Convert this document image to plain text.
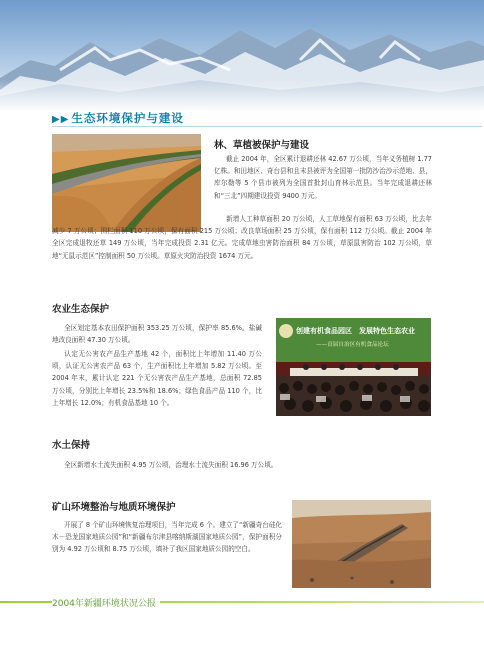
▶▶ 生态环境保护与建设
林、草植被保护与建设

截止 2004 年，全区累计退耕还林 42.67 万公顷，当年义务植树 1.77 亿株。和田地区、奇台县和且末县被评为全国第一批防沙治沙示范地、县，库尔勒等 5 个县市被列为全国首批封山育林示范县。当年完成退耕还林和“三北”四期建设投资 9400 万元。

新增人工种草面积 20 万公顷，人工草地保有面积 63 万公顷，比去年减少 7 万公顷；围栏面积 110 万公顷，保有面积 215 万公顷；改良草场面积 25 万公顷，保有面积 112 万公顷。截止 2004 年全区完成退牧还草 149 万公顷，当年完成投资 2.31 亿元。完成草地虫害防治面积 84 万公顷，草原鼠害防治 102 万公顷，草地“无鼠示范区”控制面积 50 万公顷。草原火灾防治投资 1674 万元。

农业生态保护

全区划定基本农田保护面积 353.25 万公顷，保护率 85.6%。盐碱地改良面积 47.30 万公顷。

认定无公害农产品生产基地 42 个，面积比上年增加 11.40 万公顷，认证无公害农产品 63 个，生产面积比上年增加 5.82 万公顷。至 2004 年末，累计认定 221 个无公害农产品生产基地，总面积 72.85 万公顷，分别比上年增长 23.5%和 18.6%；绿色食品产品 110 个，比上年增长 12.0%；有机食品基地 10 个。

创建有机食品园区　发展特色生态农业
——首届自治区有机食品论坛
水土保持

全区新增水土流失面积 4.95 万公顷，治理水土流失面积 16.96 万公顷。

矿山环境整治与地质环境保护

开展了 8 个矿山环境恢复治理项目，当年完成 6 个。建立了“新疆奇台硅化木－恐龙国家地质公园”和“新疆布尔津县喀纳斯湖国家地质公园”，保护面积分别为 4.92 万公顷和 8.75 万公顷，填补了我区国家地质公园的空白。

2004年新疆环境状况公报
